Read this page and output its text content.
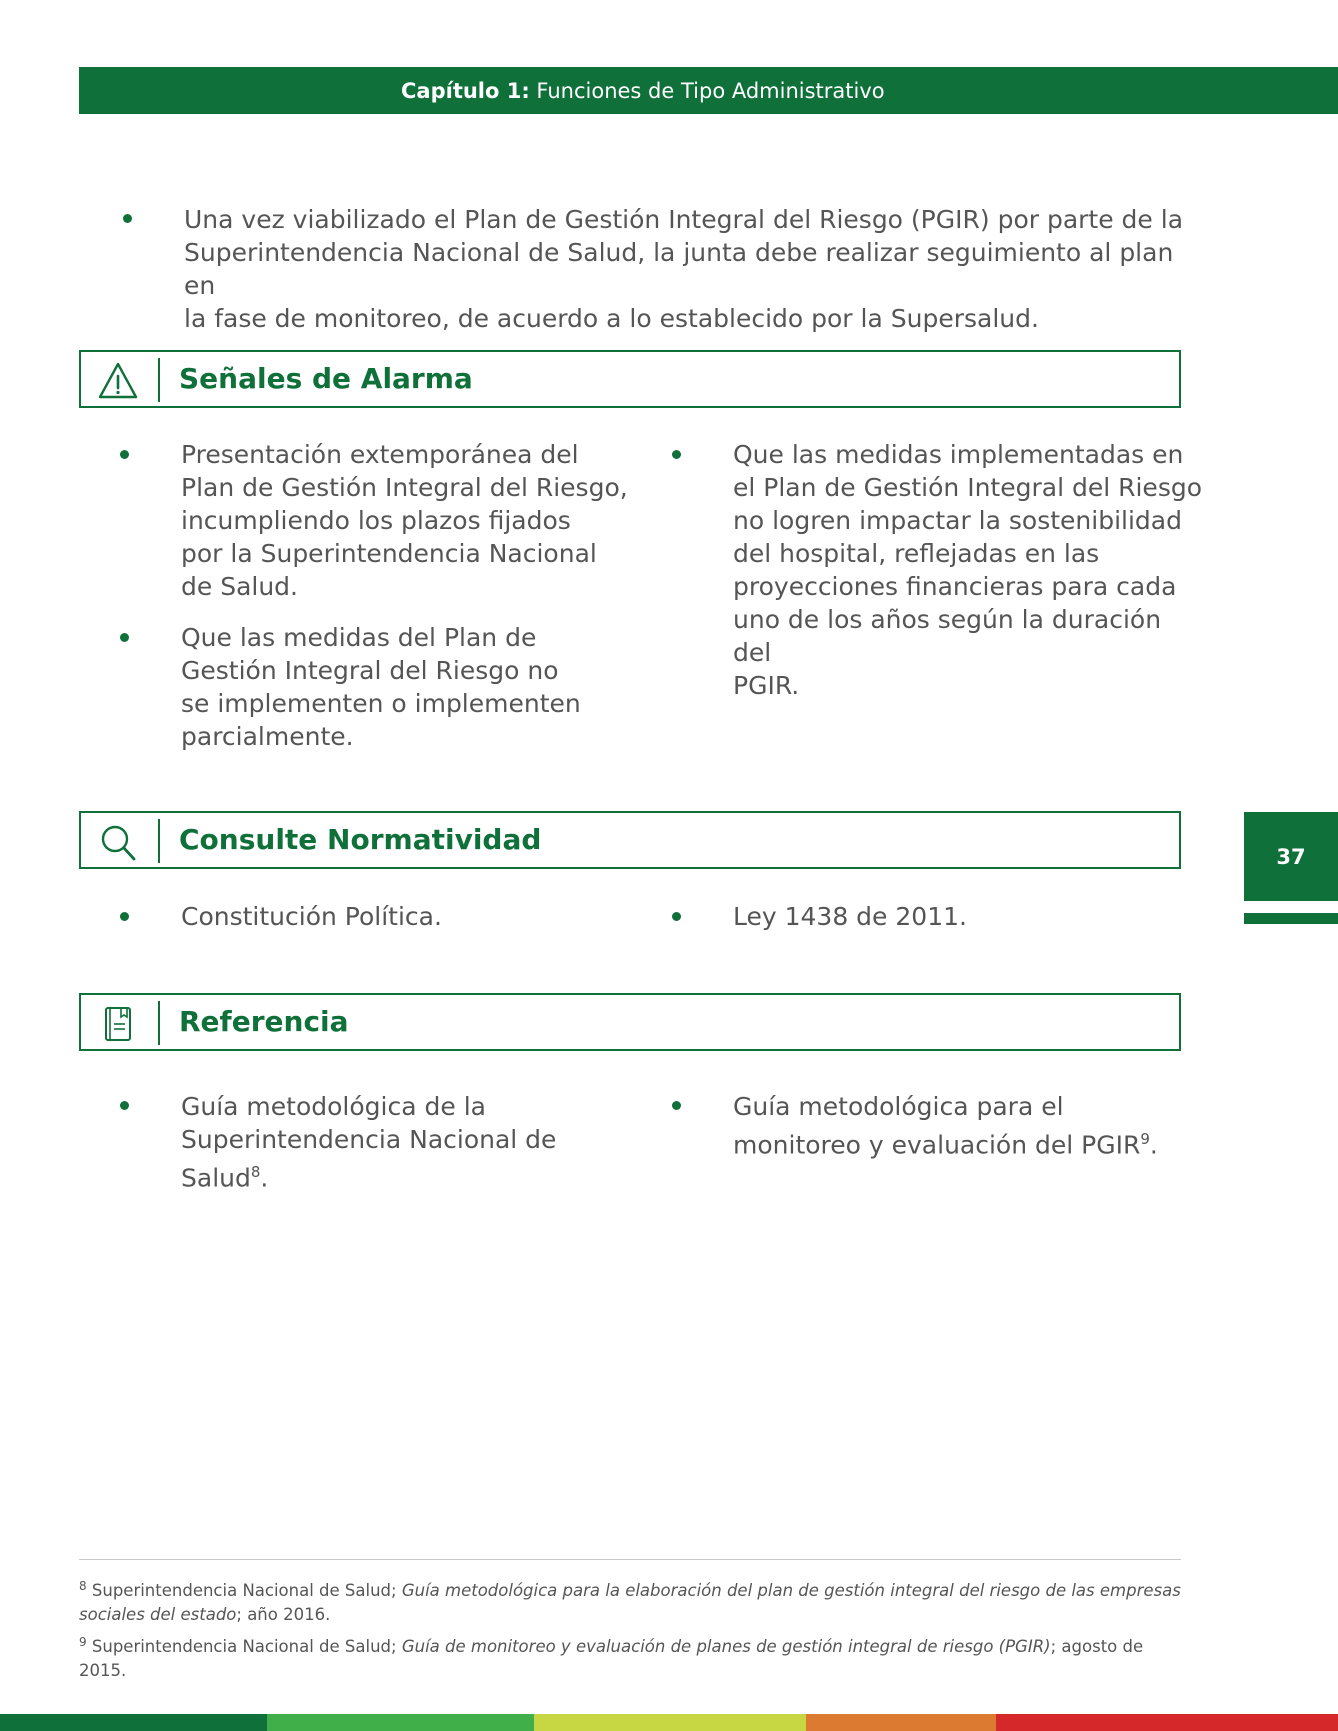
Capítulo 1: Funciones de Tipo Administrativo
Una vez viabilizado el Plan de Gestión Integral del Riesgo (PGIR) por parte de la
Superintendencia Nacional de Salud, la junta debe realizar seguimiento al plan en
la fase de monitoreo, de acuerdo a lo establecido por la Supersalud.
Señales de Alarma
Presentación extemporánea del
Plan de Gestión Integral del Riesgo,
incumpliendo los plazos fijados
por la Superintendencia Nacional
de Salud.
Que las medidas del Plan de
Gestión Integral del Riesgo no
se implementen o implementen
parcialmente.
Que las medidas implementadas en
el Plan de Gestión Integral del Riesgo
no logren impactar la sostenibilidad
del hospital, reflejadas en las
proyecciones financieras para cada
uno de los años según la duración del
PGIR.
Consulte Normatividad
Constitución Política.	Ley 1438 de 2011.
Referencia
Guía metodológica de la
Superintendencia Nacional de
Salud$^8$.
Guía metodológica para el
monitoreo y evaluación del PGIR$^9$.
37
$^8$ Superintendencia Nacional de Salud; Guía metodológica para la elaboración del plan de gestión integral del riesgo de las empresas sociales del estado; año 2016.
$^9$ Superintendencia Nacional de Salud; Guía de monitoreo y evaluación de planes de gestión integral de riesgo (PGIR); agosto de 2015.
